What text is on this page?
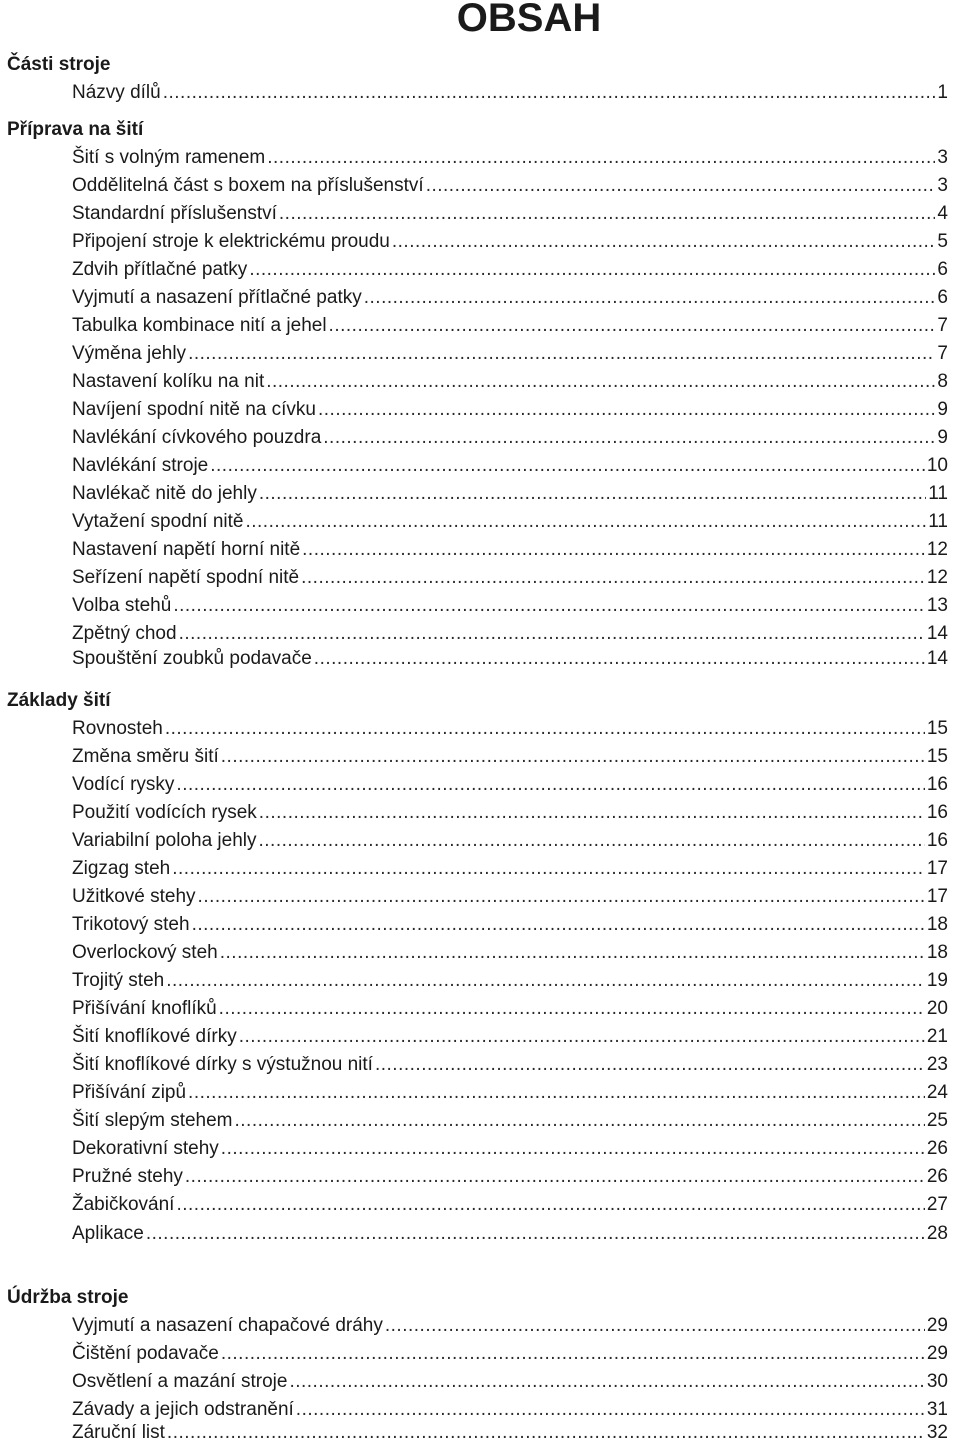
OBSAH
Části stroje
Názvy dílů .....	1
Příprava na šití
Šití s volným ramenem .....	3
Oddělitelná část s boxem na příslušenství .....	3
Standardní příslušenství .....	4
Připojení stroje k elektrickému proudu .....	5
Zdvih přítlačné patky .....	6
Vyjmutí a nasazení přítlačné patky .....	6
Tabulka kombinace nití a jehel .....	7
Výměna jehly .....	7
Nastavení kolíku na nit .....	8
Navíjení spodní nitě na cívku .....	9
Navlékání cívkového pouzdra .....	9
Navlékání stroje .....	10
Navlékač nitě do jehly .....	11
Vytažení spodní nitě .....	11
Nastavení napětí horní nitě .....	12
Seřízení napětí spodní nitě .....	12
Volba stehů .....	13
Zpětný chod .....	14
Spouštění zoubků podavače .....	14
Základy šití
Rovnosteh .....	15
Změna směru šití .....	15
Vodící rysky .....	16
Použití vodících rysek .....	16
Variabilní poloha jehly .....	16
Zigzag steh .....	17
Užitkové stehy .....	17
Trikotový steh .....	18
Overlockový steh .....	18
Trojitý steh .....	19
Přišívání knoflíků .....	20
Šití knoflíkové dírky .....	21
Šití knoflíkové dírky s výstužnou nití .....	23
Přišívání zipů .....	24
Šití slepým stehem .....	25
Dekorativní stehy .....	26
Pružné stehy .....	26
Žabičkování .....	27
Aplikace .....	28
Údržba stroje
Vyjmutí a nasazení chapačové dráhy .....	29
Čištění podavače .....	29
Osvětlení a mazání stroje .....	30
Závady a jejich odstranění .....	31
Záruční list .....	32
